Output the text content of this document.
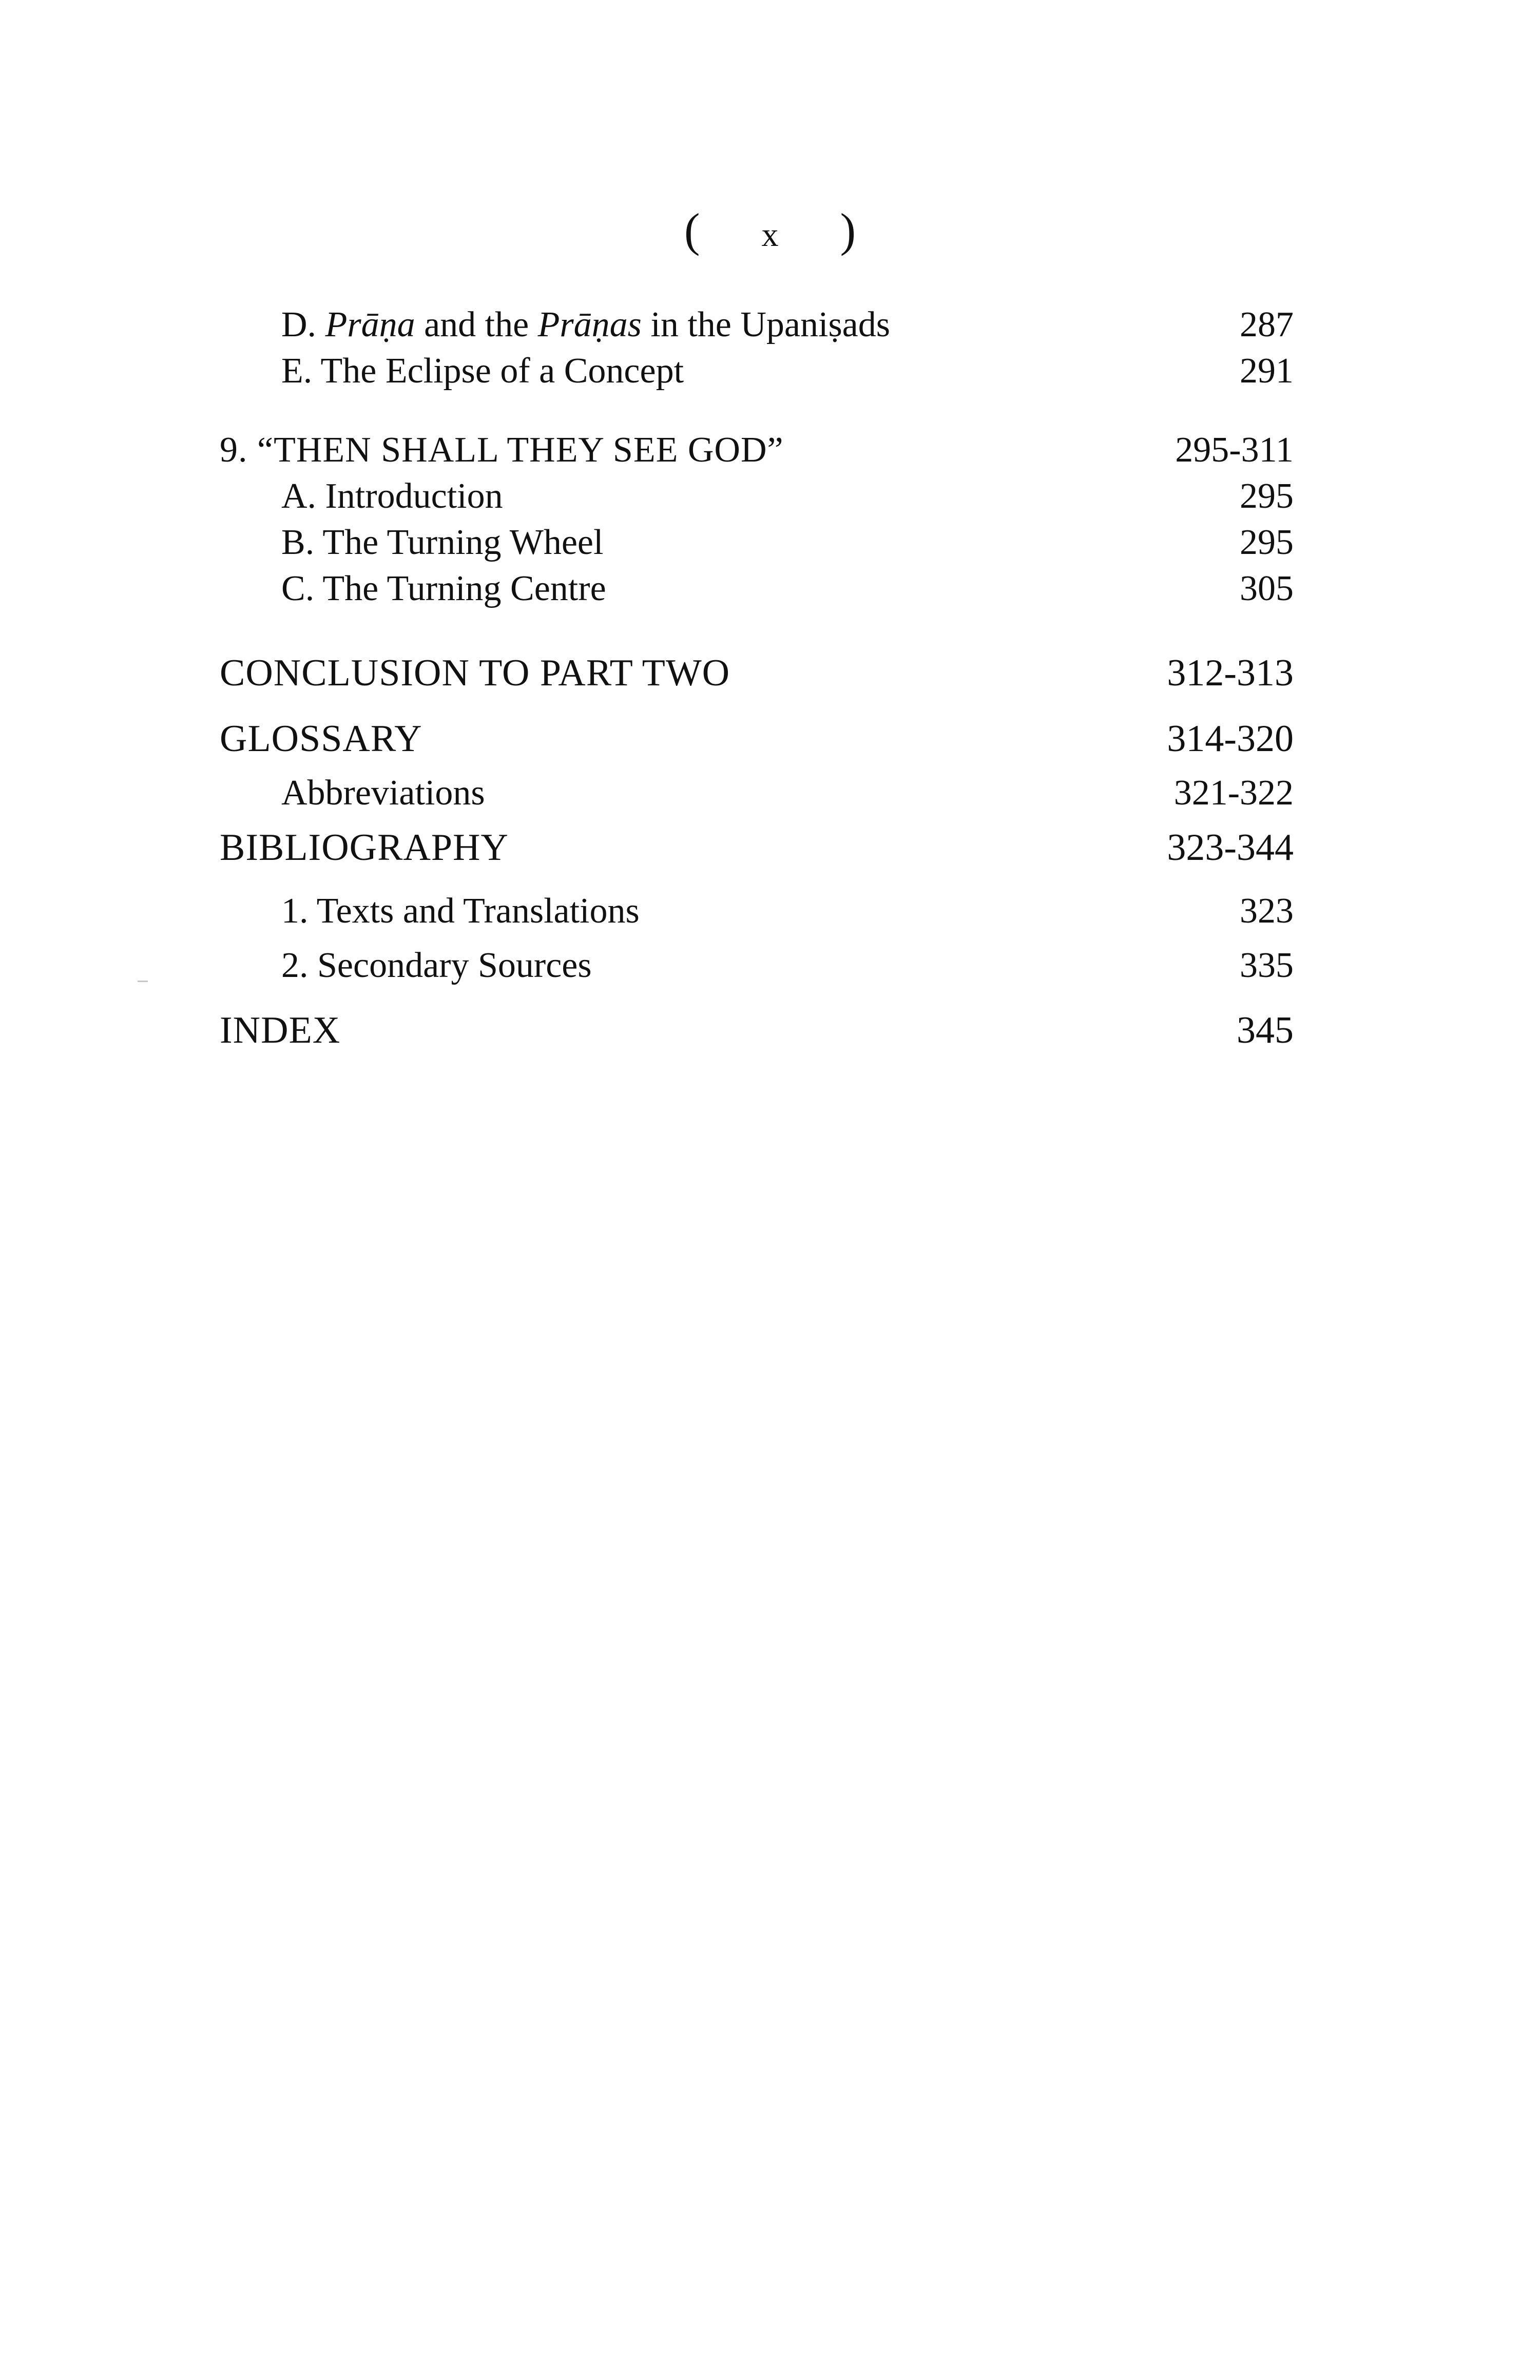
( x )
D. Prāṇa and the Prāṇas in the Upaniṣads	287
E. The Eclipse of a Concept	291
9. “THEN SHALL THEY SEE GOD”	295-311
A. Introduction	295
B. The Turning Wheel	295
C. The Turning Centre	305
CONCLUSION TO PART TWO	312-313
GLOSSARY	314-320
Abbreviations	321-322
BIBLIOGRAPHY	323-344
1. Texts and Translations	323
2. Secondary Sources	335
INDEX	345
